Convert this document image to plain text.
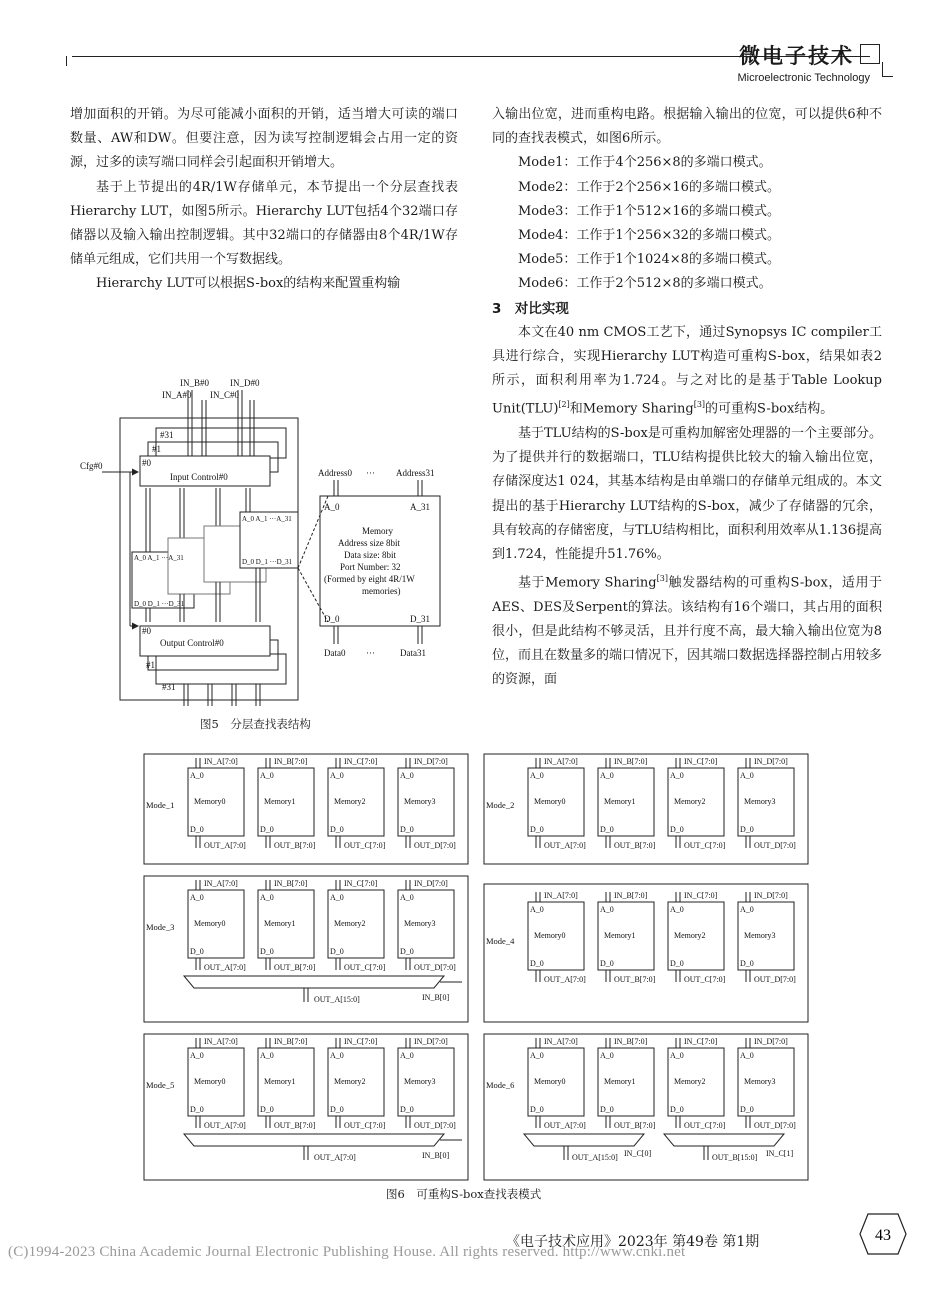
微电子技术
Microelectronic Technology

增加面积的开销。为尽可能减小面积的开销，适当增大可读的端口数量、AW和DW。但要注意，因为读写控制逻辑会占用一定的资源，过多的读写端口同样会引起面积开销增大。

基于上节提出的4R/1W存储单元，本节提出一个分层查找表Hierarchy LUT，如图5所示。Hierarchy LUT包括4个32端口存储器以及输入输出控制逻辑。其中32端口的存储器由8个4R/1W存储单元组成，它们共用一个写数据线。

Hierarchy LUT可以根据S-box的结构来配置重构输

入输出位宽，进而重构电路。根据输入输出的位宽，可以提供6种不同的查找表模式，如图6所示。

Mode1：工作于4个256×8的多端口模式。

Mode2：工作于2个256×16的多端口模式。

Mode3：工作于1个512×16的多端口模式。

Mode4：工作于1个256×32的多端口模式。

Mode5：工作于1个1024×8的多端口模式。

Mode6：工作于2个512×8的多端口模式。

3　对比实现

本文在40 nm CMOS工艺下，通过Synopsys IC compiler工具进行综合，实现Hierarchy LUT构造可重构S-box，结果如表2所示，面积利用率为1.724。与之对比的是基于Table Lookup Unit(TLU)[2]和Memory Sharing[3]的可重构S-box结构。

基于TLU结构的S-box是可重构加解密处理器的一个主要部分。为了提供并行的数据端口，TLU结构提供比较大的输入输出位宽，存储深度达1 024，其基本结构是由单端口的存储单元组成的。本文提出的基于Hierarchy LUT结构的S-box，减少了存储器的冗余，具有较高的存储密度，与TLU结构相比，面积利用效率从1.136提高到1.724，性能提升51.76%。

基于Memory Sharing[3]触发器结构的可重构S-box，适用于AES、DES及Serpent的算法。该结构有16个端口，其占用的面积很小，但是此结构不够灵活，且并行度不高，最大输入输出位宽为8位，而且在数量多的端口情况下，因其端口数据选择器控制占用较多的资源，面

IN_B#0 IN_D#0
IN_A#0 IN_C#0
Cfg#0
#31
#1
#0
Input Control#0
A_0 A_1 ···A_31
D_0 D_1 ···D_31
A_0 A_1 ···A_31
D_0 D_1 ···D_31
#0
Output Control#0
#1
#31
Address0	Address31
A_0	A_31
Memory
Address size 8bit
Data size: 8bit
Port Number: 32
(Formed by eight 4R/1W
memories)
D_0	D_31
Data0	Data31
···
···
图5　分层查找表结构
Mode_1
IN_A[7:0]
A_0
Memory0
D_0
OUT_A[7:0]
IN_B[7:0]
A_0
Memory1
D_0
OUT_B[7:0]
IN_C[7:0]
A_0
Memory2
D_0
OUT_C[7:0]
IN_D[7:0]
A_0
Memory3
D_0
OUT_D[7:0]
Mode_2
IN_A[7:0]
A_0
Memory0
D_0
OUT_A[7:0]
IN_B[7:0]
A_0
Memory1
D_0
OUT_B[7:0]
IN_C[7:0]
A_0
Memory2
D_0
OUT_C[7:0]
IN_D[7:0]
A_0
Memory3
D_0
OUT_D[7:0]
Mode_3
IN_A[7:0]
A_0
Memory0
D_0
OUT_A[7:0]
IN_B[7:0]
A_0
Memory1
D_0
OUT_B[7:0]
IN_C[7:0]
A_0
Memory2
D_0
OUT_C[7:0]
IN_D[7:0]
A_0
Memory3
D_0
OUT_D[7:0]
IN_B[0]
OUT_A[15:0]
Mode_4
IN_A[7:0]
A_0
Memory0
D_0
OUT_A[7:0]
IN_B[7:0]
A_0
Memory1
D_0
OUT_B[7:0]
IN_C[7:0]
A_0
Memory2
D_0
OUT_C[7:0]
IN_D[7:0]
A_0
Memory3
D_0
OUT_D[7:0]
Mode_5
IN_A[7:0]
A_0
Memory0
D_0
OUT_A[7:0]
IN_B[7:0]
A_0
Memory1
D_0
OUT_B[7:0]
IN_C[7:0]
A_0
Memory2
D_0
OUT_C[7:0]
IN_D[7:0]
A_0
Memory3
D_0
OUT_D[7:0]
IN_B[0]
OUT_A[7:0]
Mode_6
IN_A[7:0]
A_0
Memory0
D_0
OUT_A[7:0]
IN_B[7:0]
A_0
Memory1
D_0
OUT_B[7:0]
IN_C[7:0]
A_0
Memory2
D_0
OUT_C[7:0]
IN_D[7:0]
A_0
Memory3
D_0
OUT_D[7:0]
IN_C[0]	IN_C[1]
OUT_A[15:0]	OUT_B[15:0]
图6　可重构S-box查找表模式
《电子技术应用》2023年 第49卷 第1期	43
(C)1994-2023 China Academic Journal Electronic Publishing House. All rights reserved. http://www.cnki.net
